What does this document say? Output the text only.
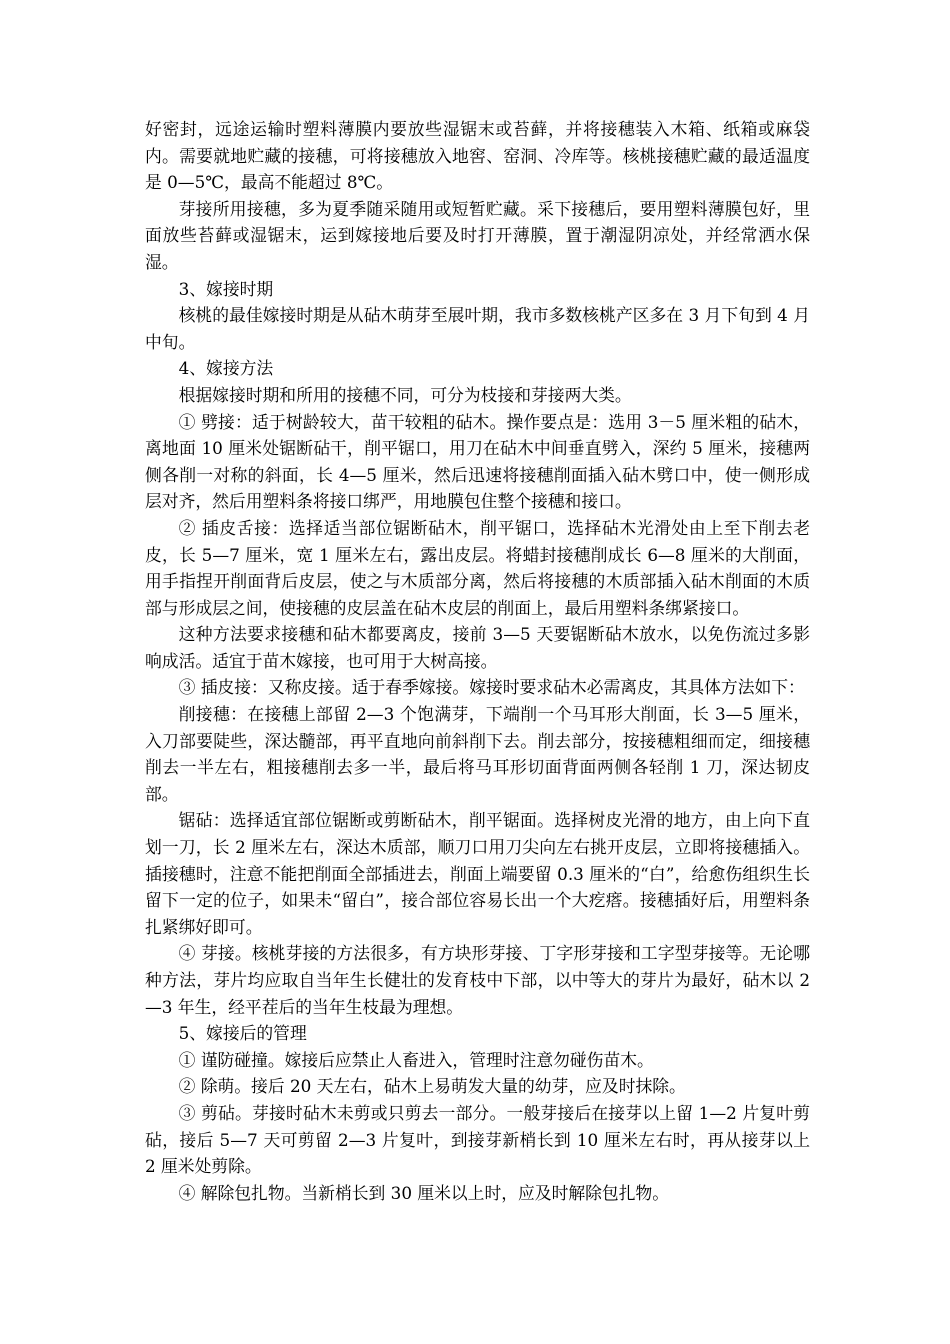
好密封，远途运输时塑料薄膜内要放些湿锯末或苔藓，并将接穗装入木箱、纸箱或麻袋内。需要就地贮藏的接穗，可将接穗放入地窖、窑洞、冷库等。核桃接穗贮藏的最适温度是 0—5℃，最高不能超过 8℃。

芽接所用接穗，多为夏季随采随用或短暂贮藏。采下接穗后，要用塑料薄膜包好，里面放些苔藓或湿锯末，运到嫁接地后要及时打开薄膜，置于潮湿阴凉处，并经常洒水保湿。

3、嫁接时期

核桃的最佳嫁接时期是从砧木萌芽至展叶期，我市多数核桃产区多在 3 月下旬到 4 月中旬。

4、嫁接方法

根据嫁接时期和所用的接穗不同，可分为枝接和芽接两大类。

① 劈接：适于树龄较大，苗干较粗的砧木。操作要点是：选用 3－5 厘米粗的砧木，离地面 10 厘米处锯断砧干，削平锯口，用刀在砧木中间垂直劈入，深约 5 厘米，接穗两侧各削一对称的斜面，长 4—5 厘米，然后迅速将接穗削面插入砧木劈口中，使一侧形成层对齐，然后用塑料条将接口绑严，用地膜包住整个接穗和接口。

② 插皮舌接：选择适当部位锯断砧木，削平锯口，选择砧木光滑处由上至下削去老皮，长 5—7 厘米，宽 1 厘米左右，露出皮层。将蜡封接穗削成长 6—8 厘米的大削面，用手指捏开削面背后皮层，使之与木质部分离，然后将接穗的木质部插入砧木削面的木质部与形成层之间，使接穗的皮层盖在砧木皮层的削面上，最后用塑料条绑紧接口。

这种方法要求接穗和砧木都要离皮，接前 3—5 天要锯断砧木放水，以免伤流过多影响成活。适宜于苗木嫁接，也可用于大树高接。

③ 插皮接：又称皮接。适于春季嫁接。嫁接时要求砧木必需离皮，其具体方法如下：

削接穗：在接穗上部留 2—3 个饱满芽，下端削一个马耳形大削面，长 3—5 厘米，入刀部要陡些，深达髓部，再平直地向前斜削下去。削去部分，按接穗粗细而定，细接穗削去一半左右，粗接穗削去多一半，最后将马耳形切面背面两侧各轻削 1 刀，深达韧皮部。

锯砧：选择适宜部位锯断或剪断砧木，削平锯面。选择树皮光滑的地方，由上向下直划一刀，长 2 厘米左右，深达木质部，顺刀口用刀尖向左右挑开皮层，立即将接穗插入。插接穗时，注意不能把削面全部插进去，削面上端要留 0.3 厘米的“白”，给愈伤组织生长留下一定的位子，如果未“留白”，接合部位容易长出一个大疙瘩。接穗插好后，用塑料条扎紧绑好即可。

④ 芽接。核桃芽接的方法很多，有方块形芽接、丁字形芽接和工字型芽接等。无论哪种方法，芽片均应取自当年生长健壮的发育枝中下部，以中等大的芽片为最好，砧木以 2—3 年生，经平茬后的当年生枝最为理想。

5、嫁接后的管理

① 谨防碰撞。嫁接后应禁止人畜进入，管理时注意勿碰伤苗木。

② 除萌。接后 20 天左右，砧木上易萌发大量的幼芽，应及时抹除。

③ 剪砧。芽接时砧木未剪或只剪去一部分。一般芽接后在接芽以上留 1—2 片复叶剪砧，接后 5—7 天可剪留 2—3 片复叶，到接芽新梢长到 10 厘米左右时，再从接芽以上 2 厘米处剪除。

④ 解除包扎物。当新梢长到 30 厘米以上时，应及时解除包扎物。
